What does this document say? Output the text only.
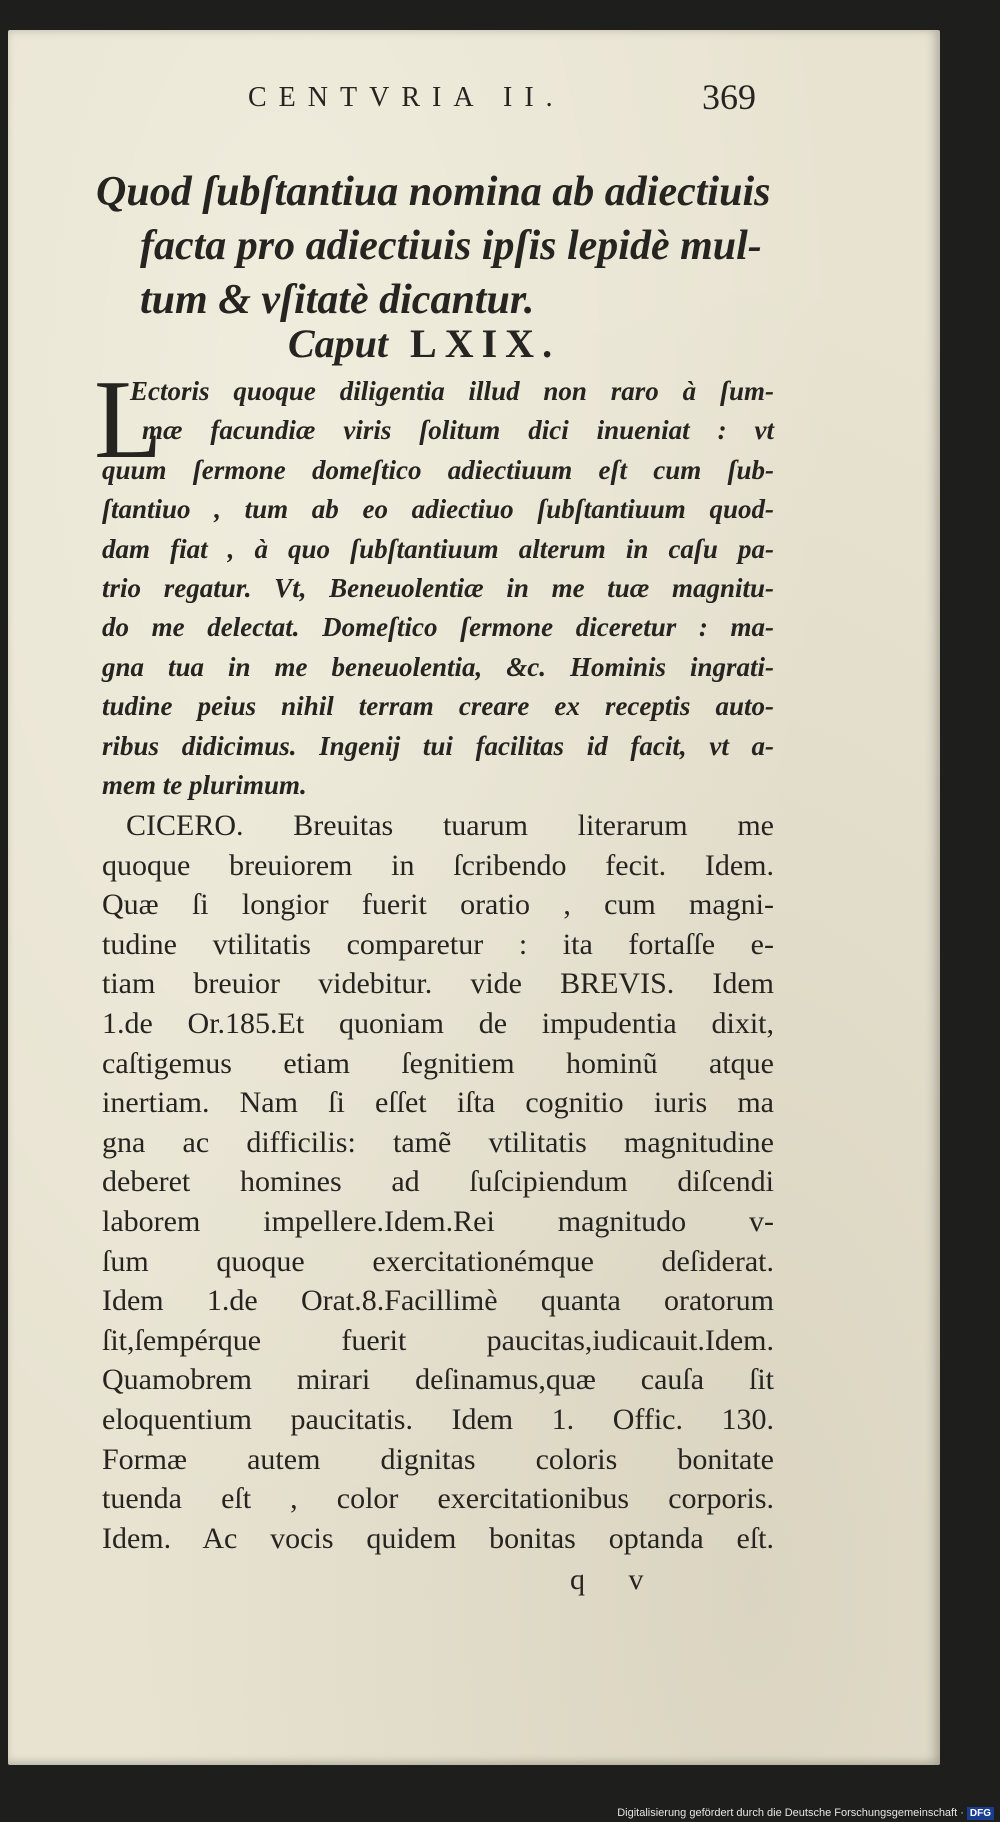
CENTVRIA II.	369
Quod ſubſtantiua nomina ab adiectiuis
facta pro adiectiuis ipſis lepidè mul-
tum & vſitatè dicantur.
Caput LXIX.
L
Ectoris quoque diligentia illud non raro à ſum-
mæ facundiæ viris ſolitum dici inueniat : vt
quum ſermone domeſtico adiectiuum eſt cum ſub-
ſtantiuo , tum ab eo adiectiuo ſubſtantiuum quod-
dam fiat , à quo ſubſtantiuum alterum in caſu pa-
trio regatur. Vt, Beneuolentiæ in me tuæ magnitu-
do me delectat. Domeſtico ſermone diceretur : ma-
gna tua in me beneuolentia, &c. Hominis ingrati-
tudine peius nihil terram creare ex receptis auto-
ribus didicimus. Ingenij tui facilitas id facit, vt a-
mem te plurimum.
CICERO. Breuitas tuarum literarum me
quoque breuiorem in ſcribendo fecit. Idem.
Quæ ſi longior fuerit oratio , cum magni-
tudine vtilitatis comparetur : ita fortaſſe e-
tiam breuior videbitur. vide BREVIS. Idem
1.de Or.185.Et quoniam de impudentia dixit,
caſtigemus etiam ſegnitiem hominũ atque
inertiam. Nam ſi eſſet iſta cognitio iuris ma
gna ac difficilis: tamẽ vtilitatis magnitudine
deberet homines ad ſuſcipiendum diſcendi
laborem impellere.Idem.Rei magnitudo v-
ſum quoque exercitationémque deſiderat.
Idem 1.de Orat.8.Facillimè quanta oratorum
ſit,ſempérque fuerit paucitas,iudicauit.Idem.
Quamobrem mirari deſinamus,quæ cauſa ſit
eloquentium paucitatis. Idem 1. Offic. 130.
Formæ autem dignitas coloris bonitate
tuenda eſt , color exercitationibus corporis.
Idem. Ac vocis quidem bonitas optanda eſt.
q v
Digitalisierung gefördert durch die Deutsche Forschungsgemeinschaft · DFG
